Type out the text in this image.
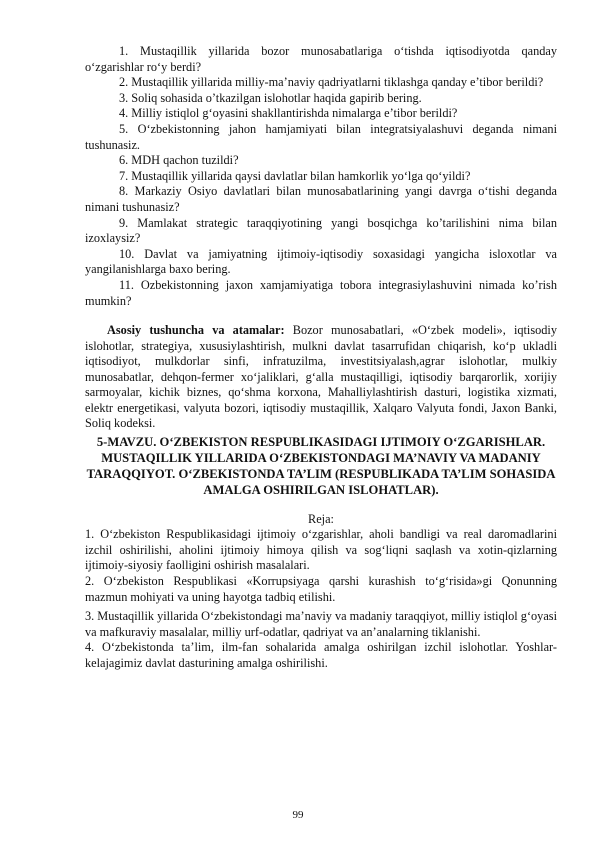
1. Mustaqillik yillarida bozor munosabatlariga o‘tishda iqtisodiyotda qanday o‘zgarishlar ro‘y berdi?

2. Mustaqillik yillarida milliy-ma’naviy qadriyatlarni tiklashga qanday e’tibor berildi?

3. Soliq sohasida o’tkazilgan islohotlar haqida gapirib bering.

4. Milliy istiqlol g‘oyasini shakllantirishda nimalarga e’tibor berildi?

5. O‘zbekistonning jahon hamjamiyati bilan integratsiyalashuvi deganda nimani tushunasiz.

6. MDH qachon tuzildi?

7. Mustaqillik yillarida qaysi davlatlar bilan hamkorlik yo‘lga qo‘yildi?

8. Markaziy Osiyo davlatlari bilan munosabatlarining yangi davrga o‘tishi deganda nimani tushunasiz?

9. Mamlakat strategic taraqqiyotining yangi bosqichga ko’tarilishini nima bilan izoxlaysiz?

10. Davlat va jamiyatning ijtimoiy-iqtisodiy soxasidagi yangicha isloxotlar va yangilanishlarga baxo bering.

11. Ozbekistonning jaxon xamjamiyatiga tobora integrasiylashuvini nimada ko’rish mumkin?

Asosiy tushuncha va atamalar: Bozor munosabatlari, «O‘zbek modeli», iqtisodiy islohotlar, strategiya, xususiylashtirish, mulkni davlat tasarrufidan chiqarish, ko‘p ukladli iqtisodiyot, mulkdorlar sinfi, infratuzilma, investitsiyalash,agrar islohotlar, mulkiy munosabatlar, dehqon-fermer xo‘jaliklari, g‘alla mustaqilligi, iqtisodiy barqarorlik, xorijiy sarmoyalar, kichik biznes, qo‘shma korxona, Mahalliylashtirish dasturi, logistika xizmati, elektr energetikasi, valyuta bozori, iqtisodiy mustaqillik, Xalqaro Valyuta fondi, Jaxon Banki, Soliq kodeksi.

5-MAVZU. O‘ZBEKISTON RESPUBLIKASIDAGI IJTIMOIY O‘ZGARISHLAR. MUSTAQILLIK YILLARIDA O‘ZBEKISTONDAGI MA’NAVIY VA MADANIY TARAQQIYOT. O‘ZBEKISTONDA TA’LIM (RESPUBLIKADA TA’LIM SOHASIDA AMALGA OSHIRILGAN ISLOHATLAR).

Reja:

1. O‘zbekiston Respublikasidagi ijtimoiy o‘zgarishlar, aholi bandligi va real daromadlarini izchil oshirilishi, aholini ijtimoiy himoya qilish va sog‘liqni saqlash va xotin-qizlarning ijtimoiy-siyosiy faolligini oshirish masalalari.

2. O‘zbekiston Respublikasi «Korrupsiyaga qarshi kurashish to‘g‘risida»gi Qonunning mazmun mohiyati va uning hayotga tadbiq etilishi.

3. Mustaqillik yillarida O‘zbekistondagi ma’naviy va madaniy taraqqiyot, milliy istiqlol g‘oyasi va mafkuraviy masalalar, milliy urf-odatlar, qadriyat va an’analarning tiklanishi.

4. O‘zbekistonda ta’lim, ilm-fan sohalarida amalga oshirilgan izchil islohotlar. Yoshlar- kelajagimiz davlat dasturining amalga oshirilishi.

99
